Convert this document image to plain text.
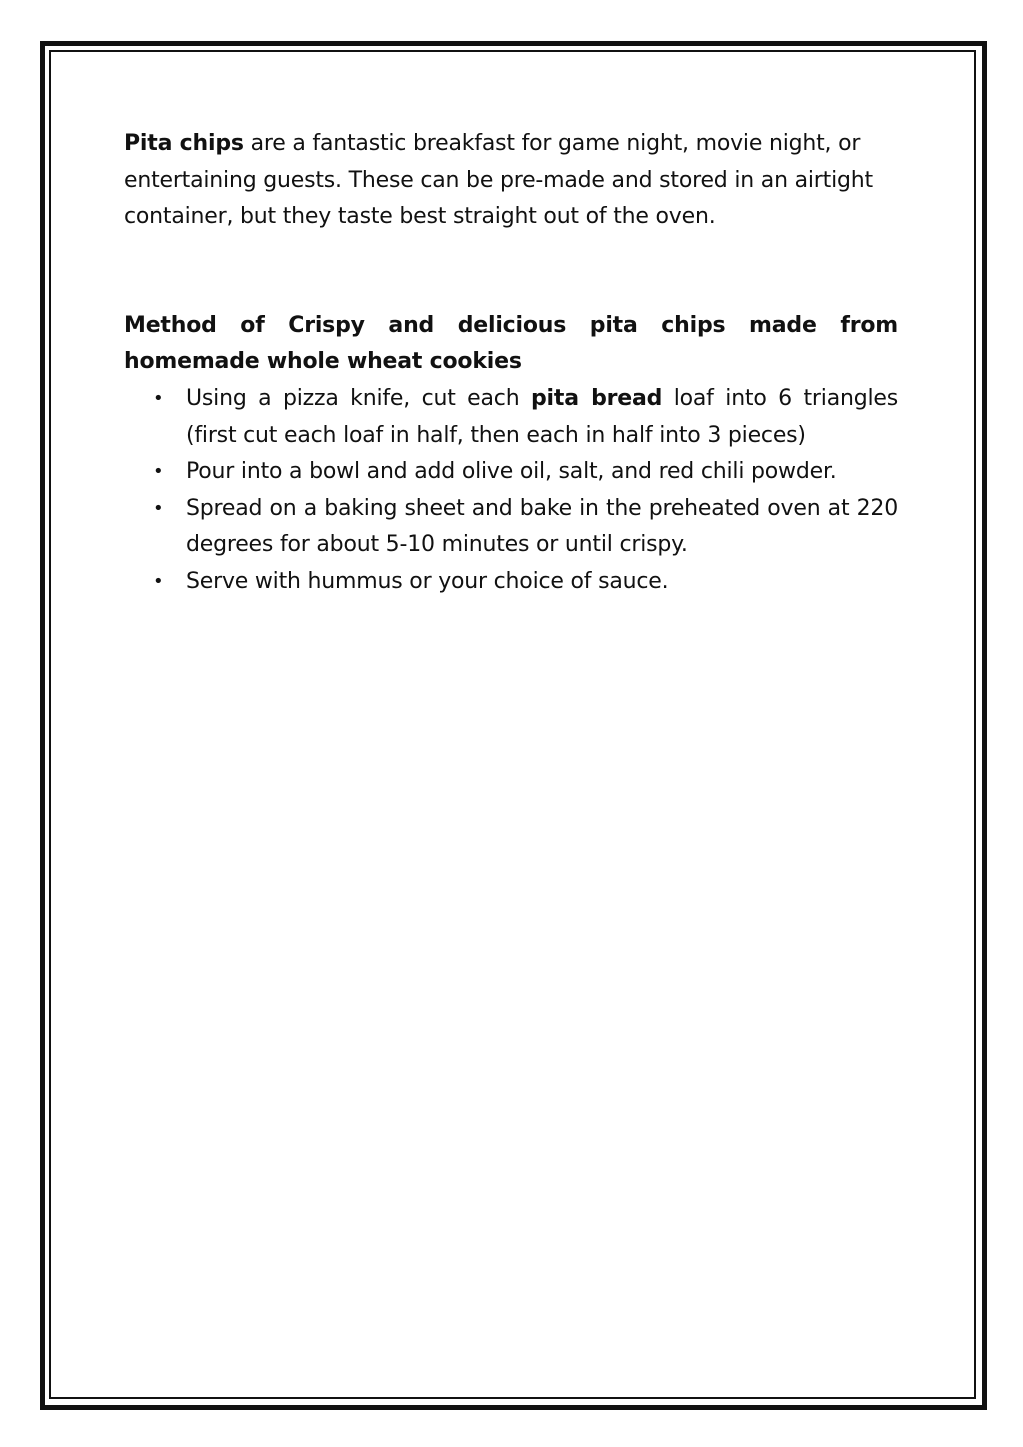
Pita chips are a fantastic breakfast for game night, movie night, or entertaining guests. These can be pre-made and stored in an airtight container, but they taste best straight out of the oven.

Method of Crispy and delicious pita chips made from homemade whole wheat cookies
• Using a pizza knife, cut each pita bread loaf into 6 triangles (first cut each loaf in half, then each in half into 3 pieces)
• Pour into a bowl and add olive oil, salt, and red chili powder.
• Spread on a baking sheet and bake in the preheated oven at 220 degrees for about 5-10 minutes or until crispy.
• Serve with hummus or your choice of sauce.
